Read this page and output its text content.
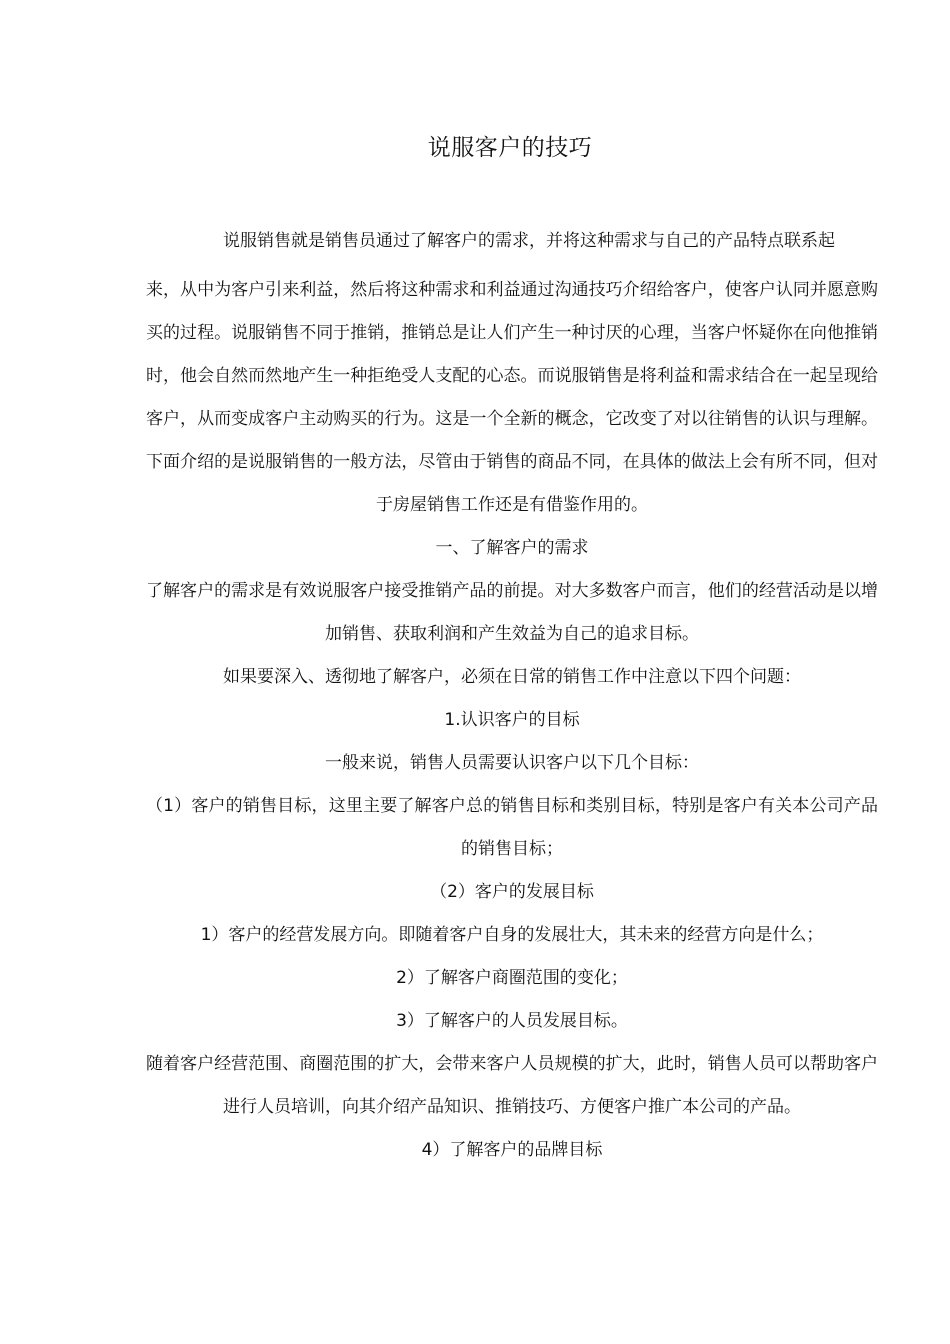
说服客户的技巧

说服销售就是销售员通过了解客户的需求，并将这种需求与自己的产品特点联系起
来，从中为客户引来利益，然后将这种需求和利益通过沟通技巧介绍给客户，使客户认同并愿意购买的过程。说服销售不同于推销，推销总是让人们产生一种讨厌的心理，当客户怀疑你在向他推销时，他会自然而然地产生一种拒绝受人支配的心态。而说服销售是将利益和需求结合在一起呈现给客户，从而变成客户主动购买的行为。这是一个全新的概念，它改变了对以往销售的认识与理解。下面介绍的是说服销售的一般方法，尽管由于销售的商品不同，在具体的做法上会有所不同，但对于房屋销售工作还是有借鉴作用的。

一、了解客户的需求

了解客户的需求是有效说服客户接受推销产品的前提。对大多数客户而言，他们的经营活动是以增加销售、获取利润和产生效益为自己的追求目标。

如果要深入、透彻地了解客户，必须在日常的销售工作中注意以下四个问题：

1.认识客户的目标

一般来说，销售人员需要认识客户以下几个目标：

（1）客户的销售目标，这里主要了解客户总的销售目标和类别目标，特别是客户有关本公司产品的销售目标；

（2）客户的发展目标

1）客户的经营发展方向。即随着客户自身的发展壮大，其未来的经营方向是什么；

2）了解客户商圈范围的变化；

3）了解客户的人员发展目标。

随着客户经营范围、商圈范围的扩大，会带来客户人员规模的扩大，此时，销售人员可以帮助客户进行人员培训，向其介绍产品知识、推销技巧、方便客户推广本公司的产品。

4）了解客户的品牌目标
